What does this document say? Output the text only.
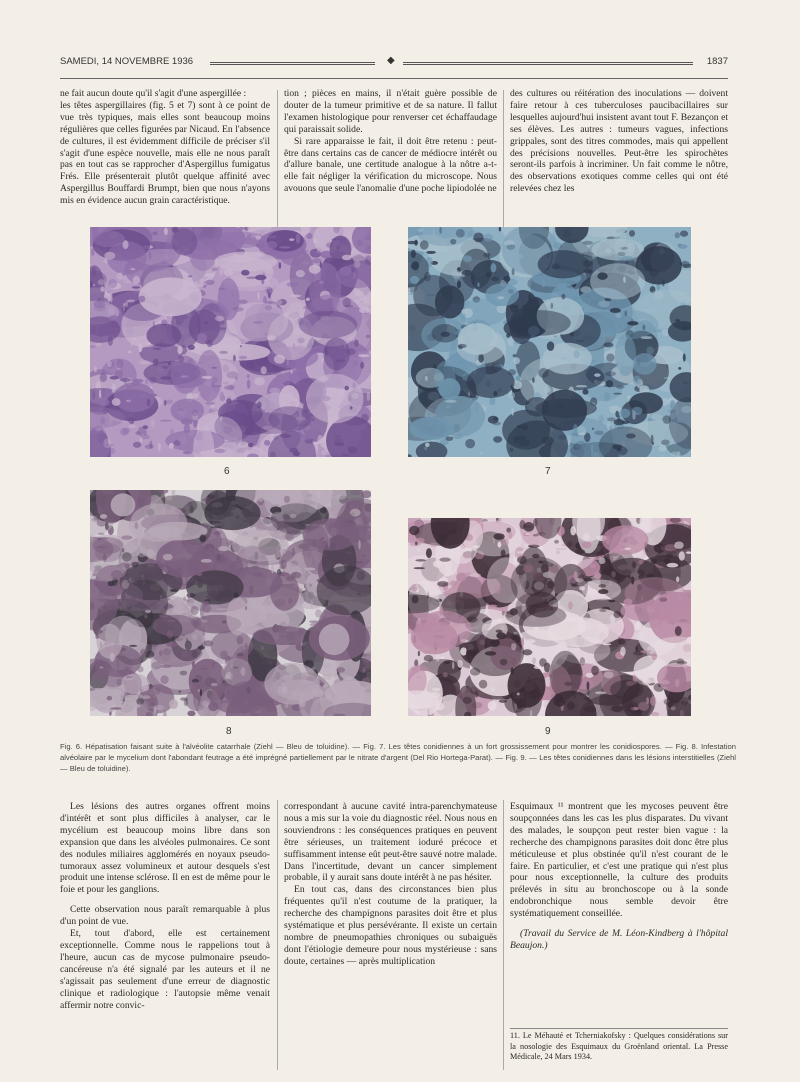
SAMEDI, 14 NOVEMBRE 1936	◆	1837

ne fait aucun doute qu'il s'agit d'une aspergillée :

les têtes aspergillaires (fig. 5 et 7) sont à ce point de vue très typiques, mais elles sont beaucoup moins régulières que celles figurées par Nicaud. En l'absence de cultures, il est évidemment difficile de préciser s'il s'agit d'une espèce nouvelle, mais elle ne nous paraît pas en tout cas se rapprocher d'Aspergillus fumigatus Frés. Elle présenterait plutôt quelque affinité avec Aspergillus Bouffardi Brumpt, bien que nous n'ayons mis en évidence aucun grain caractéristique.

tion ; pièces en mains, il n'était guère possible de douter de la tumeur primitive et de sa nature. Il fallut l'examen histologique pour renverser cet échaffaudage qui paraissait solide.

Si rare apparaisse le fait, il doit être retenu : peut-être dans certains cas de cancer de médiocre intérêt ou d'allure banale, une certitude analogue à la nôtre a-t-elle fait négliger la vérification du microscope. Nous avouons que seule l'anomalie d'une poche lipiodolée ne

des cultures ou réitération des inoculations — doivent faire retour à ces tuberculoses paucibacillaires sur lesquelles aujourd'hui insistent avant tout F. Bezançon et ses élèves. Les autres : tumeurs vagues, infections grippales, sont des titres commodes, mais qui appellent des précisions nouvelles. Peut-être les spirochètes seront-ils parfois à incriminer. Un fait comme le nôtre, des observations exotiques comme celles qui ont été relevées chez les

6	7
8	9
Fig. 6. Hépatisation faisant suite à l'alvéolite catarrhale (Ziehl — Bleu de toluidine). — Fig. 7. Les têtes conidiennes à un fort grossissement pour montrer les conidiospores. — Fig. 8. Infestation alvéolaire par le mycelium dont l'abondant feutrage a été imprégné partiellement par le nitrate d'argent (Del Rio Hortega-Parat). — Fig. 9. — Les têtes conidiennes dans les lésions interstitielles (Ziehl — Bleu de toluidine).

Les lésions des autres organes offrent moins d'intérêt et sont plus difficiles à analyser, car le mycélium est beaucoup moins libre dans son expansion que dans les alvéoles pulmonaires. Ce sont des nodules miliaires agglomérés en noyaux pseudo-tumoraux assez volumineux et autour desquels s'est produit une intense sclérose. Il en est de même pour le foie et pour les ganglions.

Cette observation nous paraît remarquable à plus d'un point de vue.

Et, tout d'abord, elle est certainement exceptionnelle. Comme nous le rappelions tout à l'heure, aucun cas de mycose pulmonaire pseudo-cancéreuse n'a été signalé par les auteurs et il ne s'agissait pas seulement d'une erreur de diagnostic clinique et radiologique : l'autopsie même venait affermir notre convic-

correspondant à aucune cavité intra-parenchymateuse nous a mis sur la voie du diagnostic réel. Nous nous en souviendrons : les conséquences pratiques en peuvent être sérieuses, un traitement ioduré précoce et suffisamment intense eût peut-être sauvé notre malade. Dans l'incertitude, devant un cancer simplement probable, il y aurait sans doute intérêt à ne pas hésiter.

En tout cas, dans des circonstances bien plus fréquentes qu'il n'est coutume de la pratiquer, la recherche des champignons parasites doit être et plus systématique et plus persévérante. Il existe un certain nombre de pneumopathies chroniques ou subaiguës dont l'étiologie demeure pour nous mystérieuse : sans doute, certaines — après multiplication

Esquimaux ¹¹ montrent que les mycoses peuvent être soupçonnées dans les cas les plus disparates. Du vivant des malades, le soupçon peut rester bien vague : la recherche des champignons parasites doit donc être plus méticuleuse et plus obstinée qu'il n'est courant de le faire. En particulier, et c'est une pratique qui n'est plus pour nous exceptionnelle, la culture des produits prélevés in situ au bronchoscope ou à la sonde endobronchique nous semble devoir être systématiquement conseillée.

(Travail du Service de M. Léon-Kindberg à l'hôpital Beaujon.)

11. Le Méhauté et Tcherniakofsky : Quelques considérations sur la nosologie des Esquimaux du Groënland oriental. La Presse Médicale, 24 Mars 1934.
